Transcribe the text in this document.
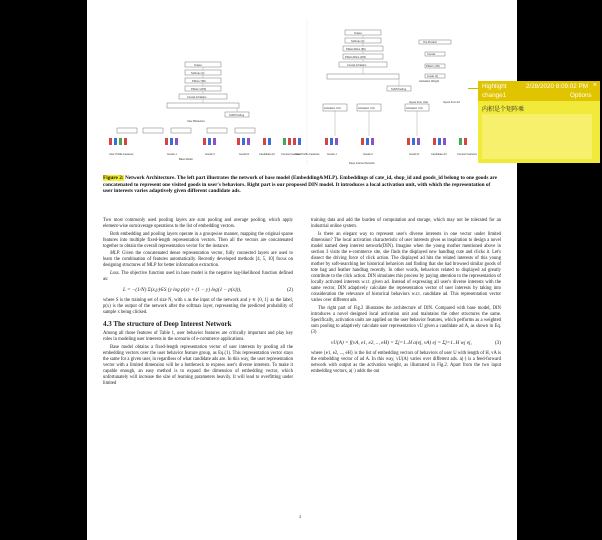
Output
Softmax (2)
PReLU (80)
PReLU (200)
Concat & Flatten
SUM Pooling
Base Model
User Profile Features	Goods 1	Goods 2	Goods N	Candidate Ad Context Features
User Behaviors
Output
Softmax (2)
PReLU/Dice (80)
PReLU/Dice (200)
Concat & Flatten
SUM Pooling
Activation Unit	Activation Unit	Activation Unit
Deep Interest Network
User Profile Features	Goods 1	Goods 2	Goods N	Candidate Ad	Context Features
Activation Weight
Linear (1)
PReLU (36)
Concat
Out Product
Inputs from User	Inputs from Ad
Figure 2: Network Architecture. The left part illustrates the network of base model (Embedding&MLP). Embeddings of cate_id, shop_id and goods_id belong to one goods are concatenated to represent one visited goods in user's behaviors. Right part is our proposed DIN model. It introduces a local activation unit, with which the representation of user interests varies adaptively given different candidate ads.

Two most commonly used pooling layers are sum pooling and average pooling, which apply element-wise sum/average operations to the list of embedding vectors.

Both embedding and pooling layers operate in a groupwise manner, mapping the original sparse features into multiple fixed-length representation vectors. Then all the vectors are concatenated together to obtain the overall representation vector for the instance.

MLP. Given the concatenated dense representation vector, fully connected layers are used to learn the combination of features automatically. Recently developed methods [4, 5, 10] focus on designing structures of MLP for better information extraction.

Loss. The objective function used in base model is the negative log-likelihood function defined as:

L = −(1/N) Σ(x,y)∈S (y log p(x) + (1 − y) log(1 − p(x))),	(2)

where S is the training set of size N, with x as the input of the network and y ∈ {0, 1} as the label, p(x) is the output of the network after the softmax layer, representing the predicted probability of sample x being clicked.

4.3 The structure of Deep Interest Network

Among all those features of Table 1, user behavior features are critically important and play key roles in modeling user interests in the scenario of e-commerce applications.

Base model obtains a fixed-length representation vector of user interests by pooling all the embedding vectors over the user behavior feature group, as Eq.(1). This representation vector stays the same for a given user, in regardless of what candidate ads are. In this way, the user representation vector with a limited dimension will be a bottleneck to express user's diverse interests. To make it capable enough, an easy method is to expand the dimension of embedding vector, which unfortunately will increase the size of learning parameters heavily. It will lead to overfitting under limited

training data and add the burden of computation and storage, which may not be tolerated for an industrial online system.

Is there an elegant way to represent user's diverse interests in one vector under limited dimension? The local activation characteristic of user interests gives us inspiration to design a novel model named deep interest network(DIN). Imagine when the young mother mentioned above in section 3 visits the e-commerce site, she finds the displayed new handbag cute and clicks it. Let's dissect the driving force of click action. The displayed ad hits the related interests of this young mother by soft-searching her historical behaviors and finding that she had browsed similar goods of tote bag and leather handbag recently. In other words, behaviors related to displayed ad greatly contribute to the click action. DIN simulates this process by paying attention to the representation of locally activated interests w.r.t. given ad. Instead of expressing all user's diverse interests with the same vector, DIN adaptively calculate the representation vector of user interests by taking into consideration the relevance of historical behaviors w.r.t. candidate ad. This representation vector varies over different ads.

The right part of Fig.2 illustrates the architecture of DIN. Compared with base model, DIN introduces a novel designed local activation unit and maintains the other structures the same. Specifically, activation units are applied on the user behavior features, which performs as a weighted sum pooling to adaptively calculate user representation vU given a candidate ad A, as shown in Eq.(3)

vU(A) = f(vA, e1, e2, .., eH) = Σj=1..H a(ej, vA) ej = Σj=1..H wj ej,	(3)

where {e1, e2, ..., eH} is the list of embedding vectors of behaviors of user U with length of H, vA is the embedding vector of ad A. In this way, vU(A) varies over different ads. a(·) is a feed-forward network with output as the activation weight, as illustrated in Fig.2. Apart from the two input embedding vectors, a(·) adds the out

4
Highlight
change1
2/28/2020 8:09:02 PM
Options
×
内积是个矩阵乘
